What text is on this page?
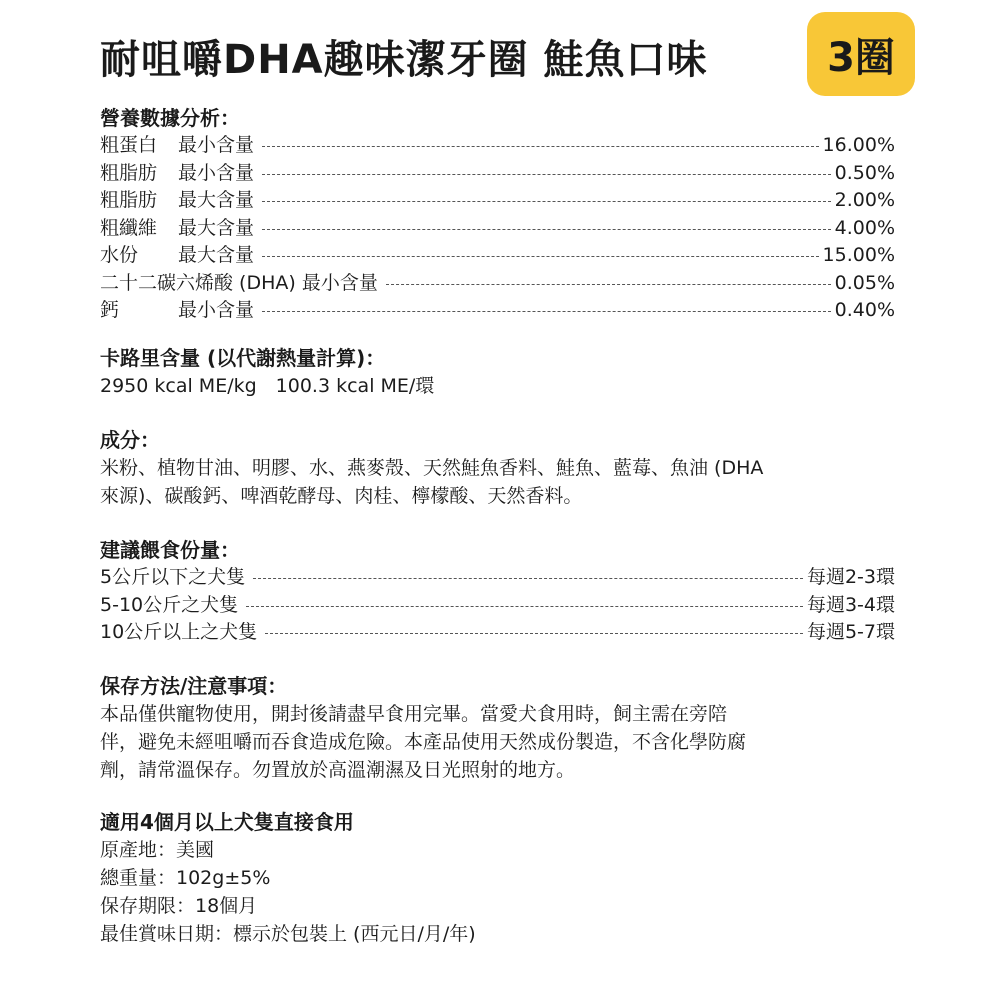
耐咀嚼DHA趣味潔牙圈 鮭魚口味	3圈
營養數據分析：
粗蛋白	最小含量	16.00%
粗脂肪	最小含量	0.50%
粗脂肪	最大含量	2.00%
粗纖維	最大含量	4.00%
水份	最大含量	15.00%
二十二碳六烯酸 (DHA) 最小含量	0.05%
鈣	最小含量	0.40%
卡路里含量 (以代謝熱量計算)：
2950 kcal ME/kg 100.3 kcal ME/環
成分：
米粉、植物甘油、明膠、水、燕麥殼、天然鮭魚香料、鮭魚、藍莓、魚油 (DHA
來源)、碳酸鈣、啤酒乾酵母、肉桂、檸檬酸、天然香料。
建議餵食份量：
5公斤以下之犬隻	每週2-3環
5-10公斤之犬隻	每週3-4環
10公斤以上之犬隻	每週5-7環
保存方法/注意事項：
本品僅供寵物使用，開封後請盡早食用完畢。當愛犬食用時，飼主需在旁陪
伴，避免未經咀嚼而吞食造成危險。本產品使用天然成份製造，不含化學防腐
劑，請常溫保存。勿置放於高溫潮濕及日光照射的地方。
適用4個月以上犬隻直接食用
原產地：美國
總重量：102g±5%
保存期限：18個月
最佳賞味日期：標示於包裝上 (西元日/月/年)
